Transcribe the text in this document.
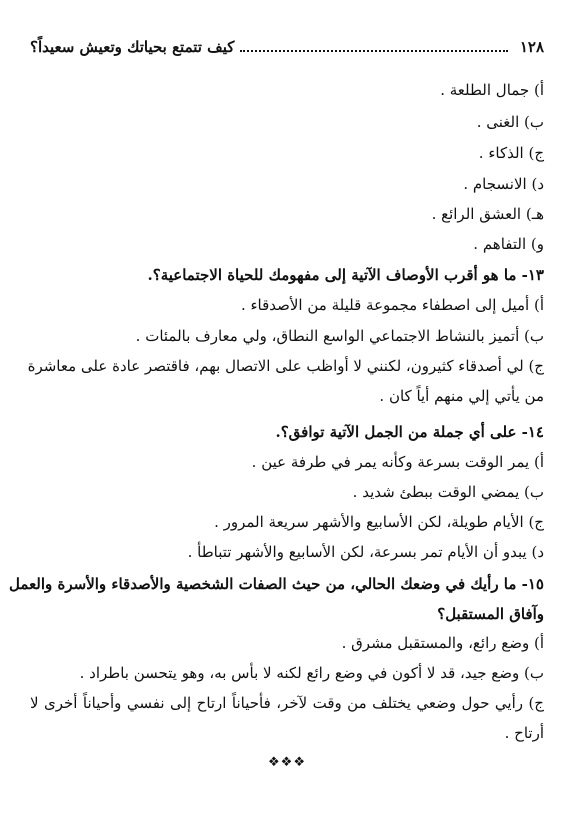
١٢٨
كيف تتمتع بحياتك وتعيش سعيداً؟
أ) جمال الطلعة .
ب) الغنى .
ج) الذكاء .
د) الانسجام .
هـ) العشق الرائع .
و) التفاهم .
١٣- ما هو أقرب الأوصاف الآتية إلى مفهومك للحياة الاجتماعية؟.
أ) أميل إلى اصطفاء مجموعة قليلة من الأصدقاء .
ب) أتميز بالنشاط الاجتماعي الواسع النطاق، ولي معارف بالمئات .
ج) لي أصدقاء كثيرون، لكنني لا أواظب على الاتصال بهم، فاقتصر عادة على معاشرة
من يأتي إلي منهم أياً كان .
١٤- على أي جملة من الجمل الآتية توافق؟.
أ) يمر الوقت بسرعة وكأنه يمر في طرفة عين .
ب) يمضي الوقت ببطئ شديد .
ج) الأيام طويلة، لكن الأسابيع والأشهر سريعة المرور .
د) يبدو أن الأيام تمر بسرعة، لكن الأسابيع والأشهر تتباطأ .
١٥- ما رأيك في وضعك الحالي، من حيث الصفات الشخصية والأصدقاء والأسرة والعمل
وآفاق المستقبل؟
أ) وضع رائع، والمستقبل مشرق .
ب) وضع جيد، قد لا أكون في وضع رائع لكنه لا بأس به، وهو يتحسن باطراد .
ج) رأيي حول وضعي يختلف من وقت لآخر، فأحياناً ارتاح إلى نفسي وأحياناً أخرى لا
أرتاح .
❖❖❖
